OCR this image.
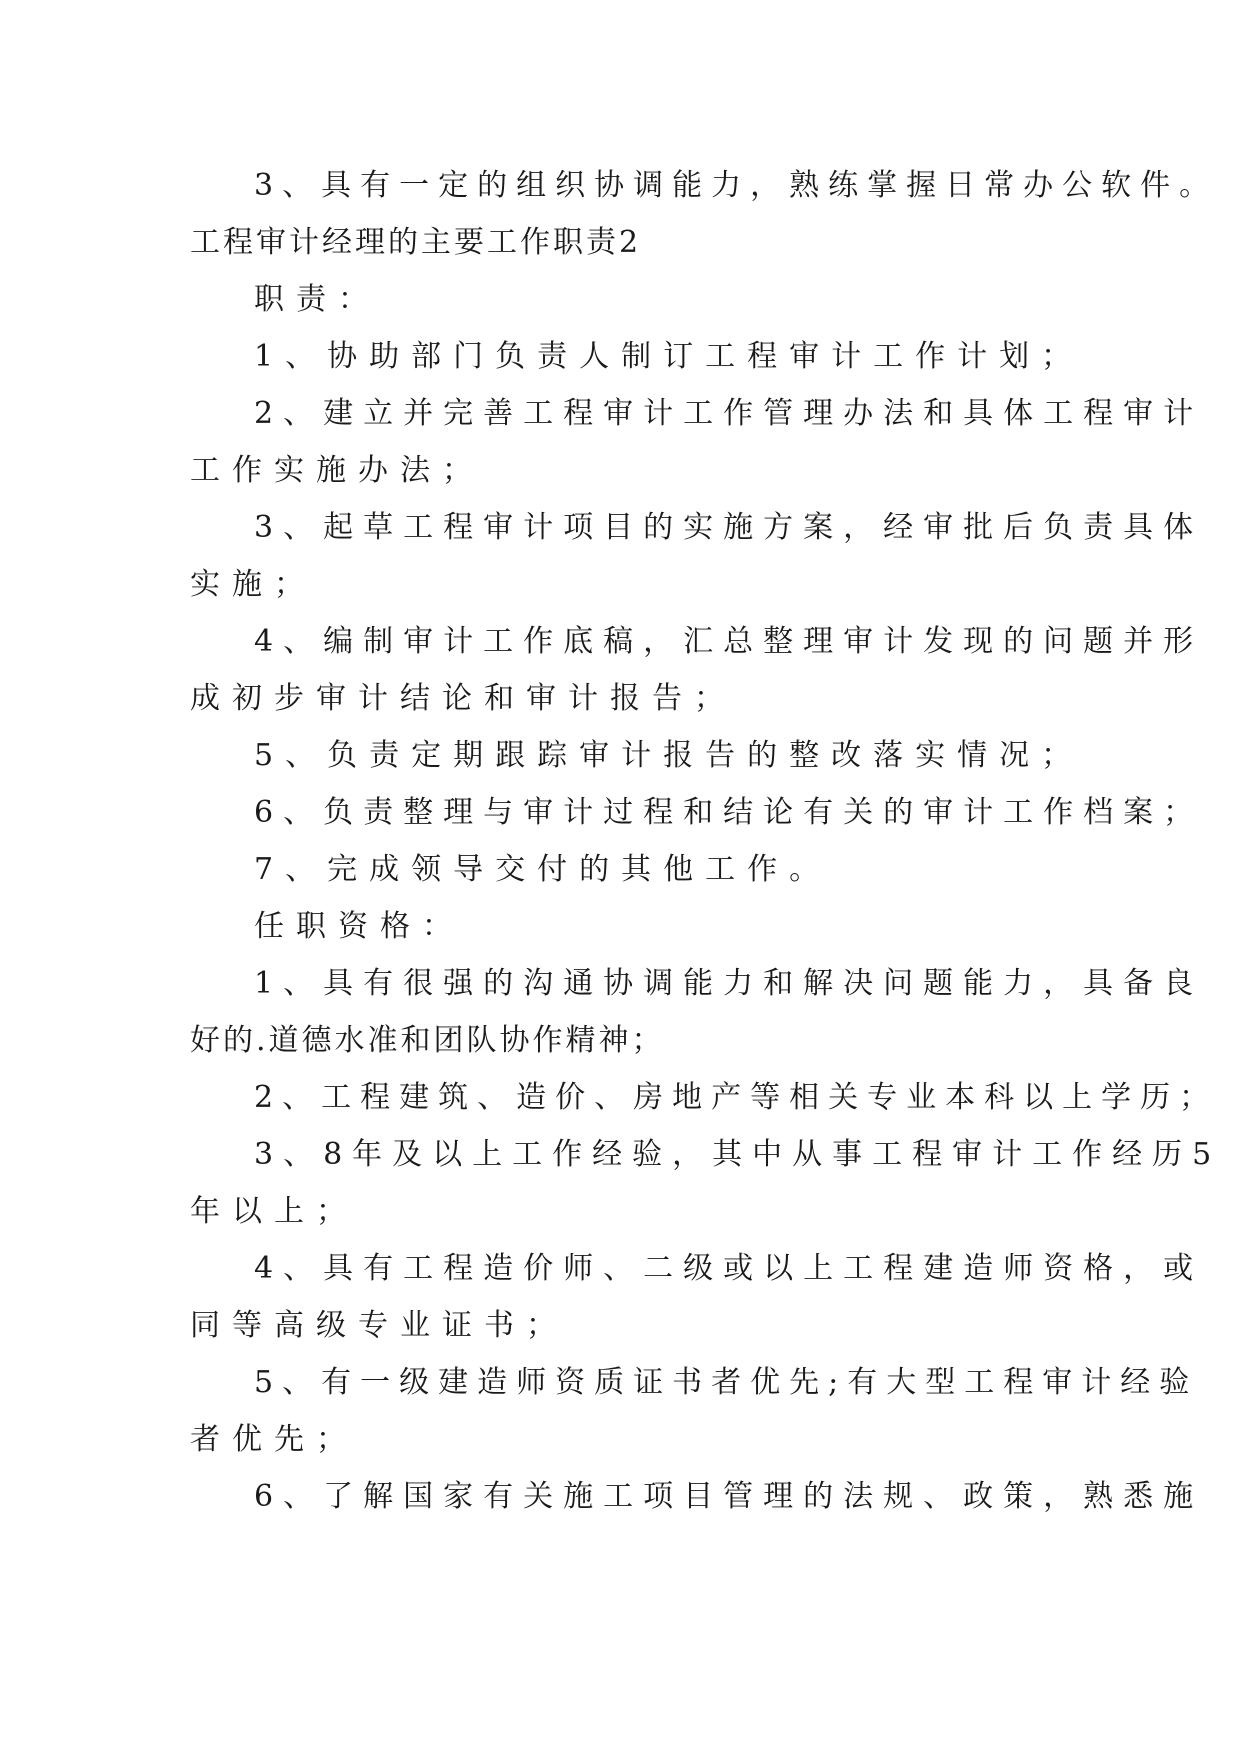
3、具有一定的组织协调能力，熟练掌握日常办公软件。

工程审计经理的主要工作职责2

职责：

1、协助部门负责人制订工程审计工作计划；

2、建立并完善工程审计工作管理办法和具体工程审计

工作实施办法；

3、起草工程审计项目的实施方案，经审批后负责具体

实施；

4、编制审计工作底稿，汇总整理审计发现的问题并形

成初步审计结论和审计报告；

5、负责定期跟踪审计报告的整改落实情况；

6、负责整理与审计过程和结论有关的审计工作档案；

7、完成领导交付的其他工作。

任职资格：

1、具有很强的沟通协调能力和解决问题能力，具备良

好的.道德水准和团队协作精神；

2、工程建筑、造价、房地产等相关专业本科以上学历；

3、8年及以上工作经验，其中从事工程审计工作经历5

年以上；

4、具有工程造价师、二级或以上工程建造师资格，或

同等高级专业证书；

5、有一级建造师资质证书者优先;有大型工程审计经验

者优先；

6、了解国家有关施工项目管理的法规、政策，熟悉施
